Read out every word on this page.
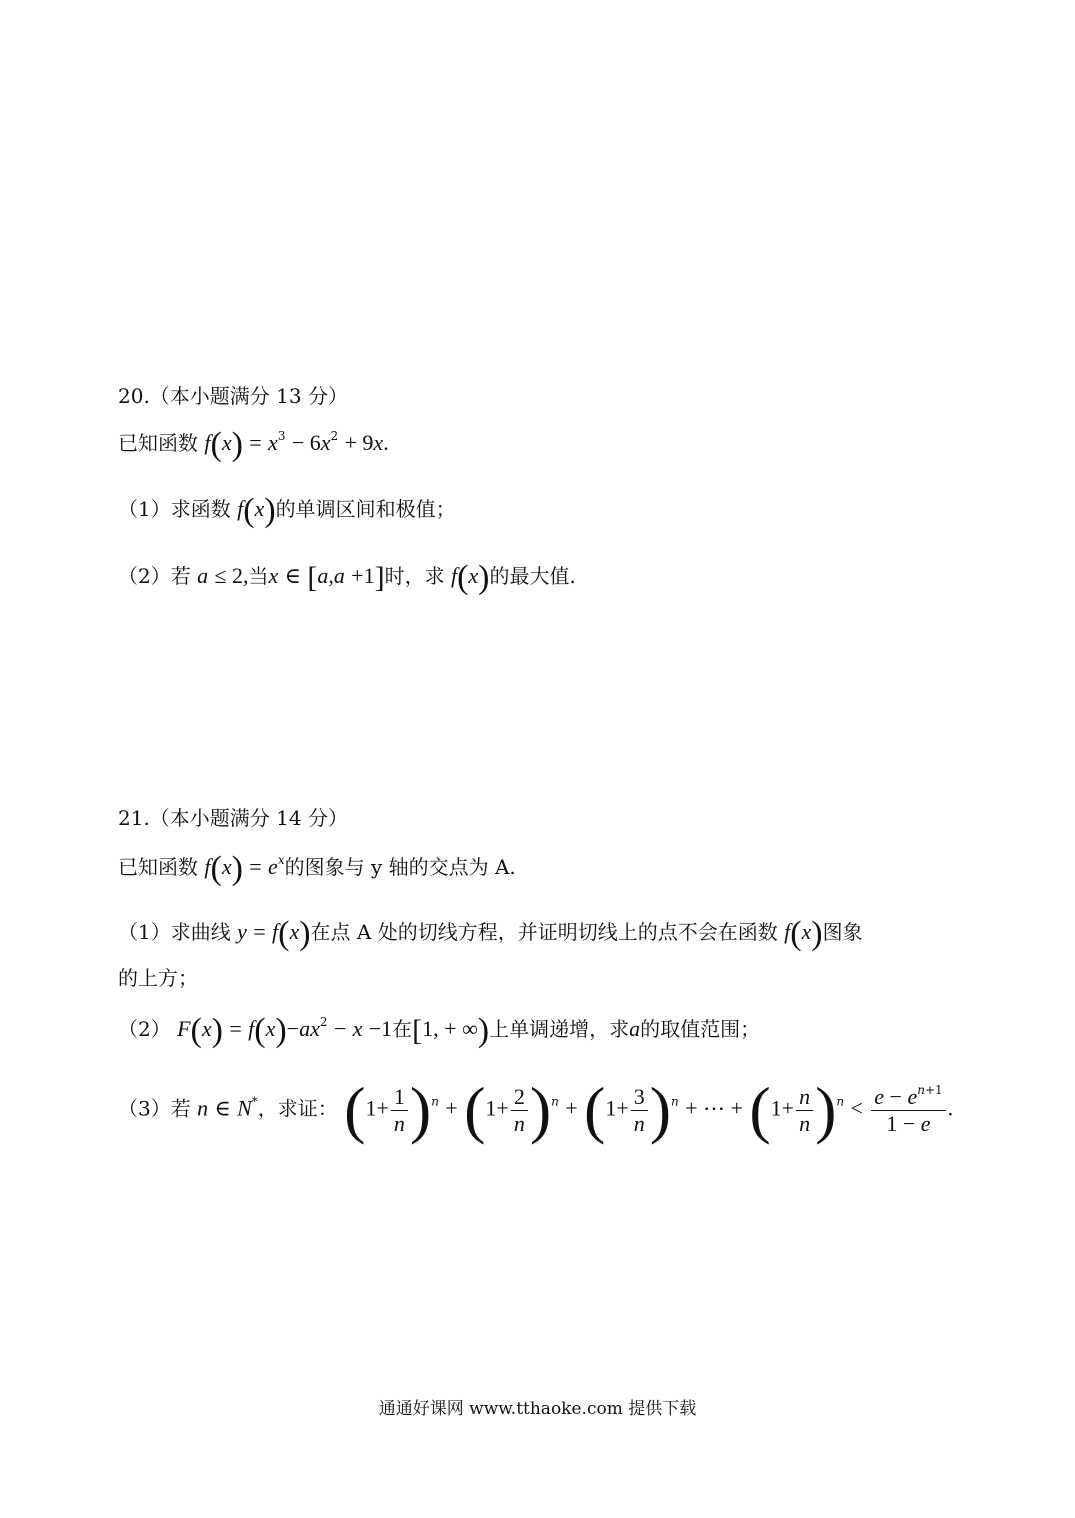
20.（本小题满分 13 分）
已知函数 $f(x) = x^3 - 6x^2 + 9x$.
（1）求函数 f(x)的单调区间和极值；
（2）若 a ≤ 2,当x ∈ [a,a +1]时，求 f(x)的最大值.
21.（本小题满分 14 分）
已知函数 $f(x) = e^x$的图象与 y 轴的交点为 A.
（1）求曲线 y = f(x)在点 A 处的切线方程，并证明切线上的点不会在函数 f(x)图象
的上方；
（2） $F(x) = f(x)-ax^2 - x -1$在[1, + ∞)上单调递增，求a的取值范围；
（3）若 n ∈ N*，求证： $(1+ \frac{1}{n} )^n + (1+ \frac{2}{n} )^n + (1+ \frac{3}{n} )^n$ + ⋯ + $(1+ \frac{n}{n} )^n < \frac{e - e^{n+1}}{1 - e}$ .
通通好课网 www.tthaoke.com 提供下载
